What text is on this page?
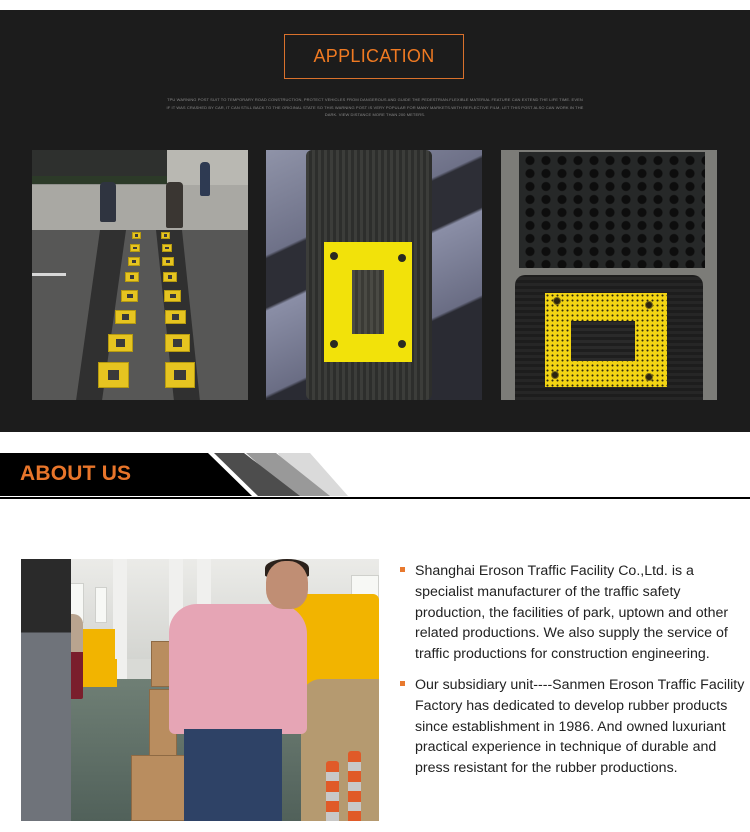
APPLICATION

TPU WARNING POST SUIT TO TEMPORARY ROAD CONSTRUCTION, PROTECT VEHICLES FROM DANGEROUS AND GUIDE THE PEDESTRIAN.FLEXIBLE MATERIAL FEATURE CAN EXTEND THE LIFE TIME. EVEN IF IT WAS CRASHED BY CAR, IT CAN STILL BACK TO THE ORIGINAL STATE SO THIS WARNING POST IS VERY POPULAR FOR MANY MARKETS.WITH REFLECTIVE FILM, LET THIS POST ALSO CAN WORK IN THE DARK. VIEW DISTANCE MORE THAN 200 METERS.

ABOUT US

Shanghai Eroson Traffic Facility Co.,Ltd. is a specialist manufacturer of the traffic safety production, the facilities of park, uptown and other related productions. We also supply the service of traffic productions for construction engineering.

Our subsidiary unit----Sanmen Eroson Traffic Facility Factory has dedicated to develop rubber products since establishment in 1986. And owned luxuriant practical experience in technique of durable and press resistant for the rubber productions.
